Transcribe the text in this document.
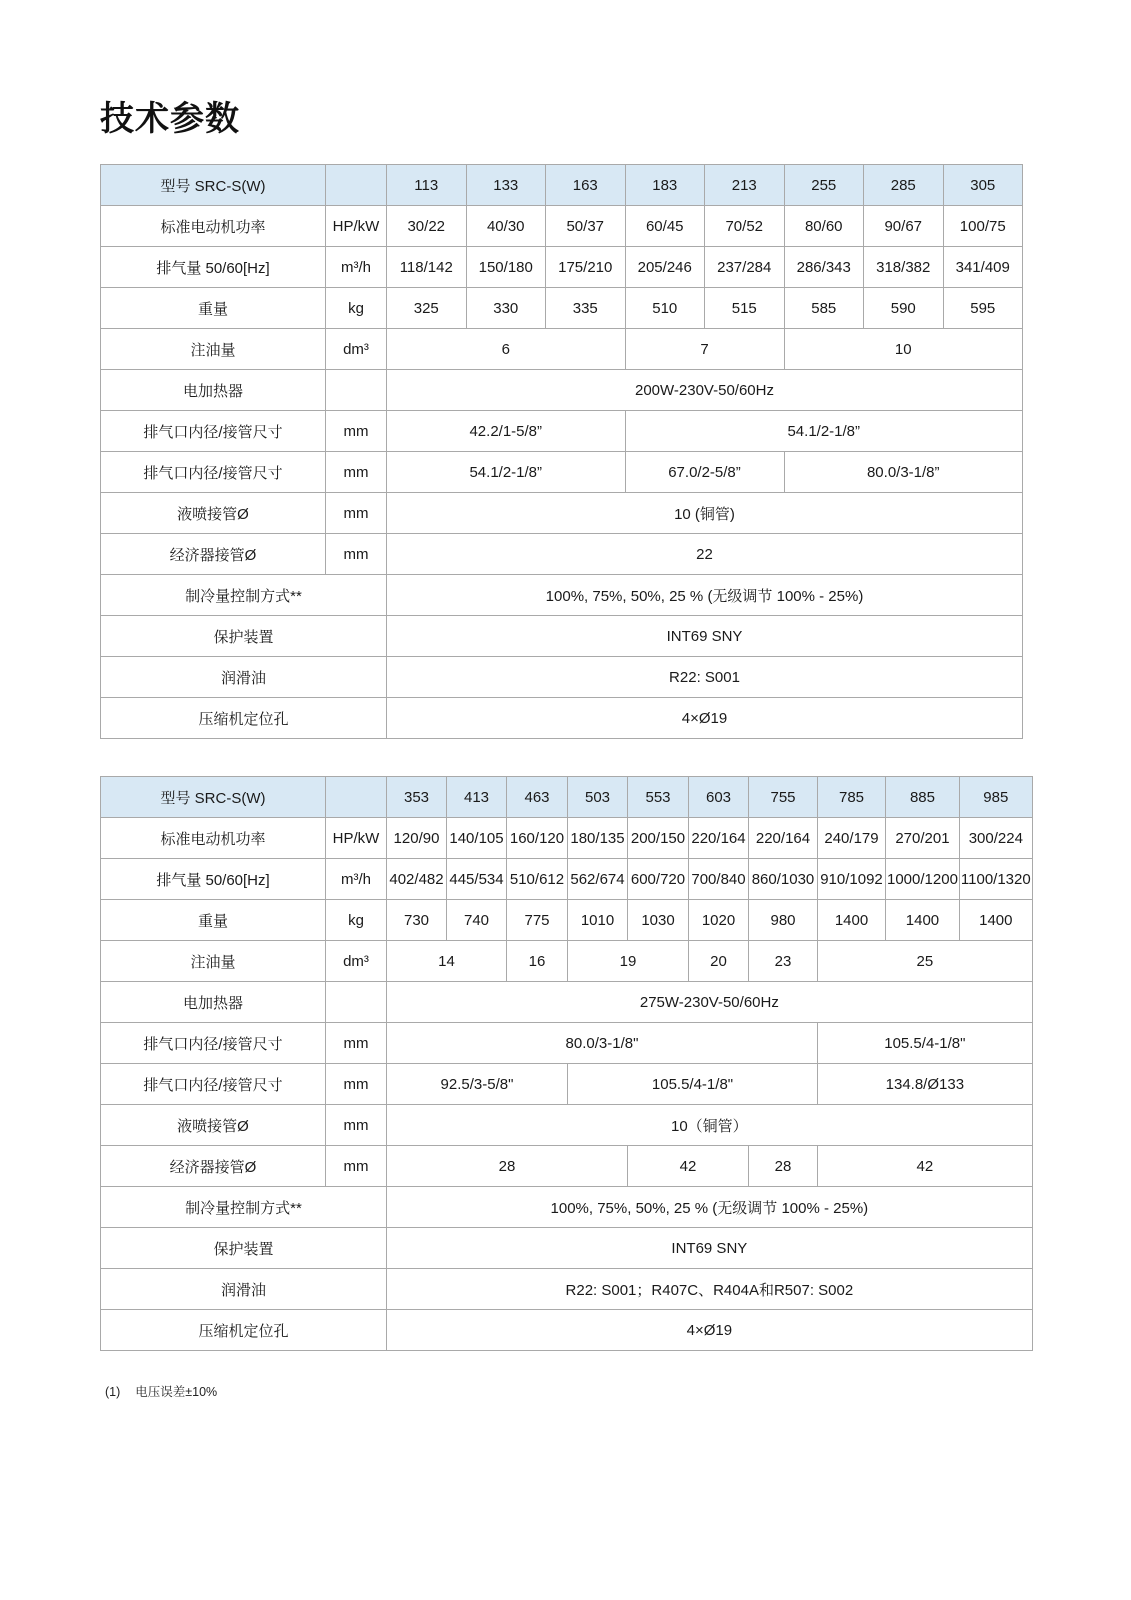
技术参数
型号 SRC-S(W)		113	133	163	183	213	255	285	305
标准电动机功率	HP/kW	30/22	40/30	50/37	60/45	70/52	80/60	90/67	100/75
排气量 50/60[Hz]	m³/h	118/142	150/180	175/210	205/246	237/284	286/343	318/382	341/409
重量	kg	325	330	335	510	515	585	590	595
注油量	dm³	6			7		10		
电加热器		200W-230V-50/60Hz							
排气口内径/接管尺寸	mm	42.2/1-5/8”			54.1/2-1/8”				
排气口内径/接管尺寸	mm	54.1/2-1/8”			67.0/2-5/8”		80.0/3-1/8”		
液喷接管Ø	mm	10 (铜管)							
经济器接管Ø	mm	22							
制冷量控制方式**		100%, 75%, 50%, 25 % (无级调节 100% - 25%)							
保护装置		INT69 SNY							
润滑油		R22: S001							
压缩机定位孔		4×Ø19							
型号 SRC-S(W)		353	413	463	503	553	603	755	785	885	985
标准电动机功率	HP/kW	120/90	140/105	160/120	180/135	200/150	220/164	220/164	240/179	270/201	300/224
排气量 50/60[Hz]	m³/h	402/482	445/534	510/612	562/674	600/720	700/840	860/1030	910/1092	1000/1200	1100/1320
重量	kg	730	740	775	1010	1030	1020	980	1400	1400	1400
注油量	dm³	14		16	19		20	23	25		
电加热器		275W-230V-50/60Hz									
排气口内径/接管尺寸	mm	80.0/3-1/8"							105.5/4-1/8"		
排气口内径/接管尺寸	mm	92.5/3-5/8"			105.5/4-1/8"				134.8/Ø133		
液喷接管Ø	mm	10（铜管）									
经济器接管Ø	mm	28				42		28	42		
制冷量控制方式**		100%, 75%, 50%, 25 % (无级调节 100% - 25%)									
保护装置		INT69 SNY									
润滑油		R22: S001；R407C、R404A和R507: S002									
压缩机定位孔		4×Ø19									
(1) 电压误差±10%
